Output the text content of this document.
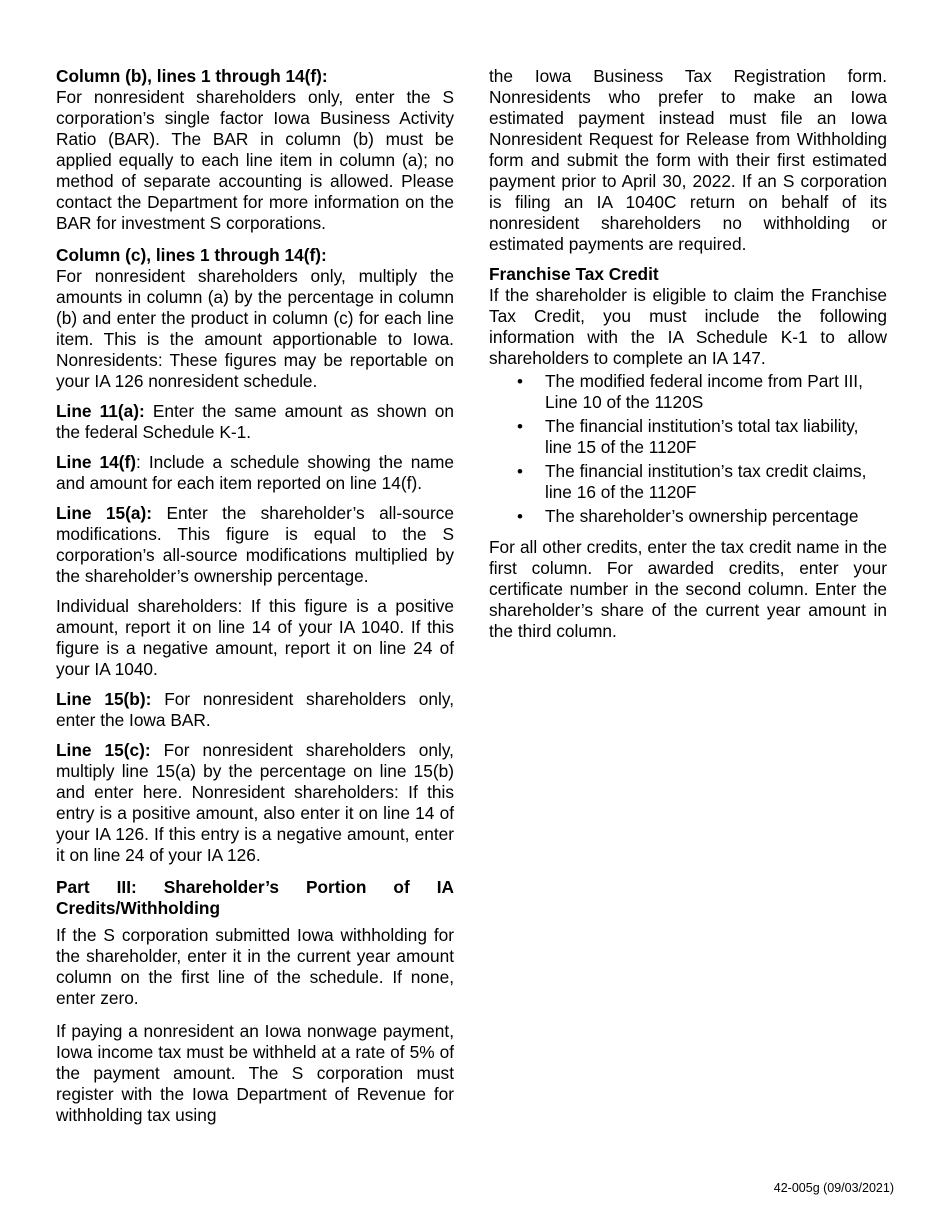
Column (b), lines 1 through 14(f):

For nonresident shareholders only, enter the S corporation’s single factor Iowa Business Activity Ratio (BAR). The BAR in column (b) must be applied equally to each line item in column (a); no method of separate accounting is allowed. Please contact the Department for more information on the BAR for investment S corporations.

Column (c), lines 1 through 14(f):

For nonresident shareholders only, multiply the amounts in column (a) by the percentage in column (b) and enter the product in column (c) for each line item. This is the amount apportionable to Iowa. Nonresidents: These figures may be reportable on your IA 126 nonresident schedule.

Line 11(a): Enter the same amount as shown on the federal Schedule K-1.

Line 14(f): Include a schedule showing the name and amount for each item reported on line 14(f).

Line 15(a): Enter the shareholder’s all-source modifications. This figure is equal to the S corporation’s all-source modifications multiplied by the shareholder’s ownership percentage.

Individual shareholders: If this figure is a positive amount, report it on line 14 of your IA 1040. If this figure is a negative amount, report it on line 24 of your IA 1040.

Line 15(b): For nonresident shareholders only, enter the Iowa BAR.

Line 15(c): For nonresident shareholders only, multiply line 15(a) by the percentage on line 15(b) and enter here. Nonresident shareholders: If this entry is a positive amount, also enter it on line 14 of your IA 126. If this entry is a negative amount, enter it on line 24 of your IA 126.

Part III: Shareholder’s Portion of IA Credits/Withholding

If the S corporation submitted Iowa withholding for the shareholder, enter it in the current year amount column on the first line of the schedule. If none, enter zero.

If paying a nonresident an Iowa nonwage payment, Iowa income tax must be withheld at a rate of 5% of the payment amount. The S corporation must register with the Iowa Department of Revenue for withholding tax using

the Iowa Business Tax Registration form. Nonresidents who prefer to make an Iowa estimated payment instead must file an Iowa Nonresident Request for Release from Withholding form and submit the form with their first estimated payment prior to April 30, 2022. If an S corporation is filing an IA 1040C return on behalf of its nonresident shareholders no withholding or estimated payments are required.

Franchise Tax Credit

If the shareholder is eligible to claim the Franchise Tax Credit, you must include the following information with the IA Schedule K-1 to allow shareholders to complete an IA 147.

• The modified federal income from Part III, Line 10 of the 1120S
• The financial institution’s total tax liability, line 15 of the 1120F
• The financial institution’s tax credit claims, line 16 of the 1120F
• The shareholder’s ownership percentage

For all other credits, enter the tax credit name in the first column. For awarded credits, enter your certificate number in the second column. Enter the shareholder’s share of the current year amount in the third column.

42-005g (09/03/2021)
